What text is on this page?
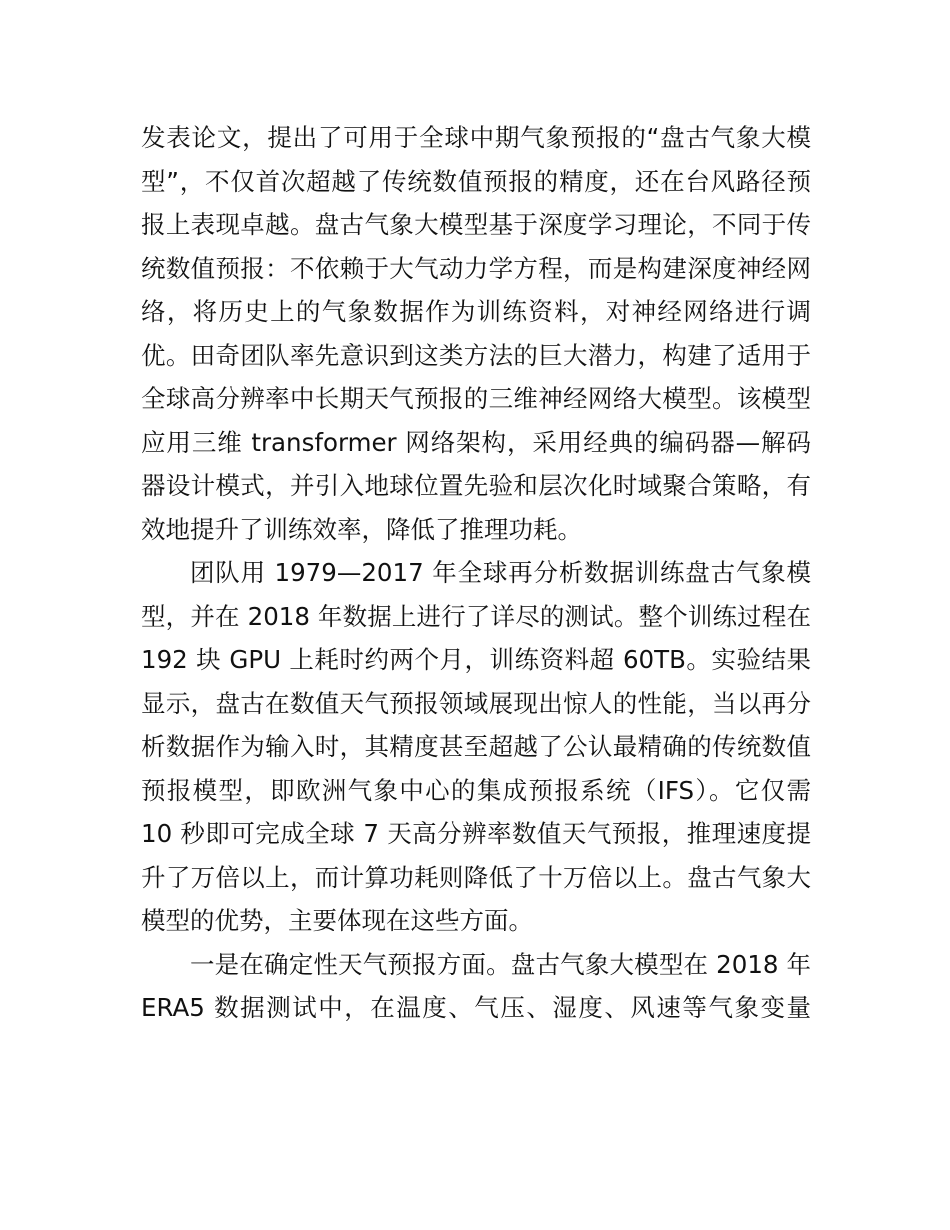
发表论文，提出了可用于全球中期气象预报的“盘古气象大模
型”，不仅首次超越了传统数值预报的精度，还在台风路径预
报上表现卓越。盘古气象大模型基于深度学习理论，不同于传
统数值预报：不依赖于大气动力学方程，而是构建深度神经网
络，将历史上的气象数据作为训练资料，对神经网络进行调
优。田奇团队率先意识到这类方法的巨大潜力，构建了适用于
全球高分辨率中长期天气预报的三维神经网络大模型。该模型
应用三维 transformer 网络架构，采用经典的编码器—解码
器设计模式，并引入地球位置先验和层次化时域聚合策略，有
效地提升了训练效率，降低了推理功耗。
团队用 1979—2017 年全球再分析数据训练盘古气象模
型，并在 2018 年数据上进行了详尽的测试。整个训练过程在
192 块 GPU 上耗时约两个月，训练资料超 60TB。实验结果
显示，盘古在数值天气预报领域展现出惊人的性能，当以再分
析数据作为输入时，其精度甚至超越了公认最精确的传统数值
预报模型，即欧洲气象中心的集成预报系统（IFS）。它仅需
10 秒即可完成全球 7 天高分辨率数值天气预报，推理速度提
升了万倍以上，而计算功耗则降低了十万倍以上。盘古气象大
模型的优势，主要体现在这些方面。
一是在确定性天气预报方面。盘古气象大模型在 2018 年
ERA5 数据测试中，在温度、气压、湿度、风速等气象变量
